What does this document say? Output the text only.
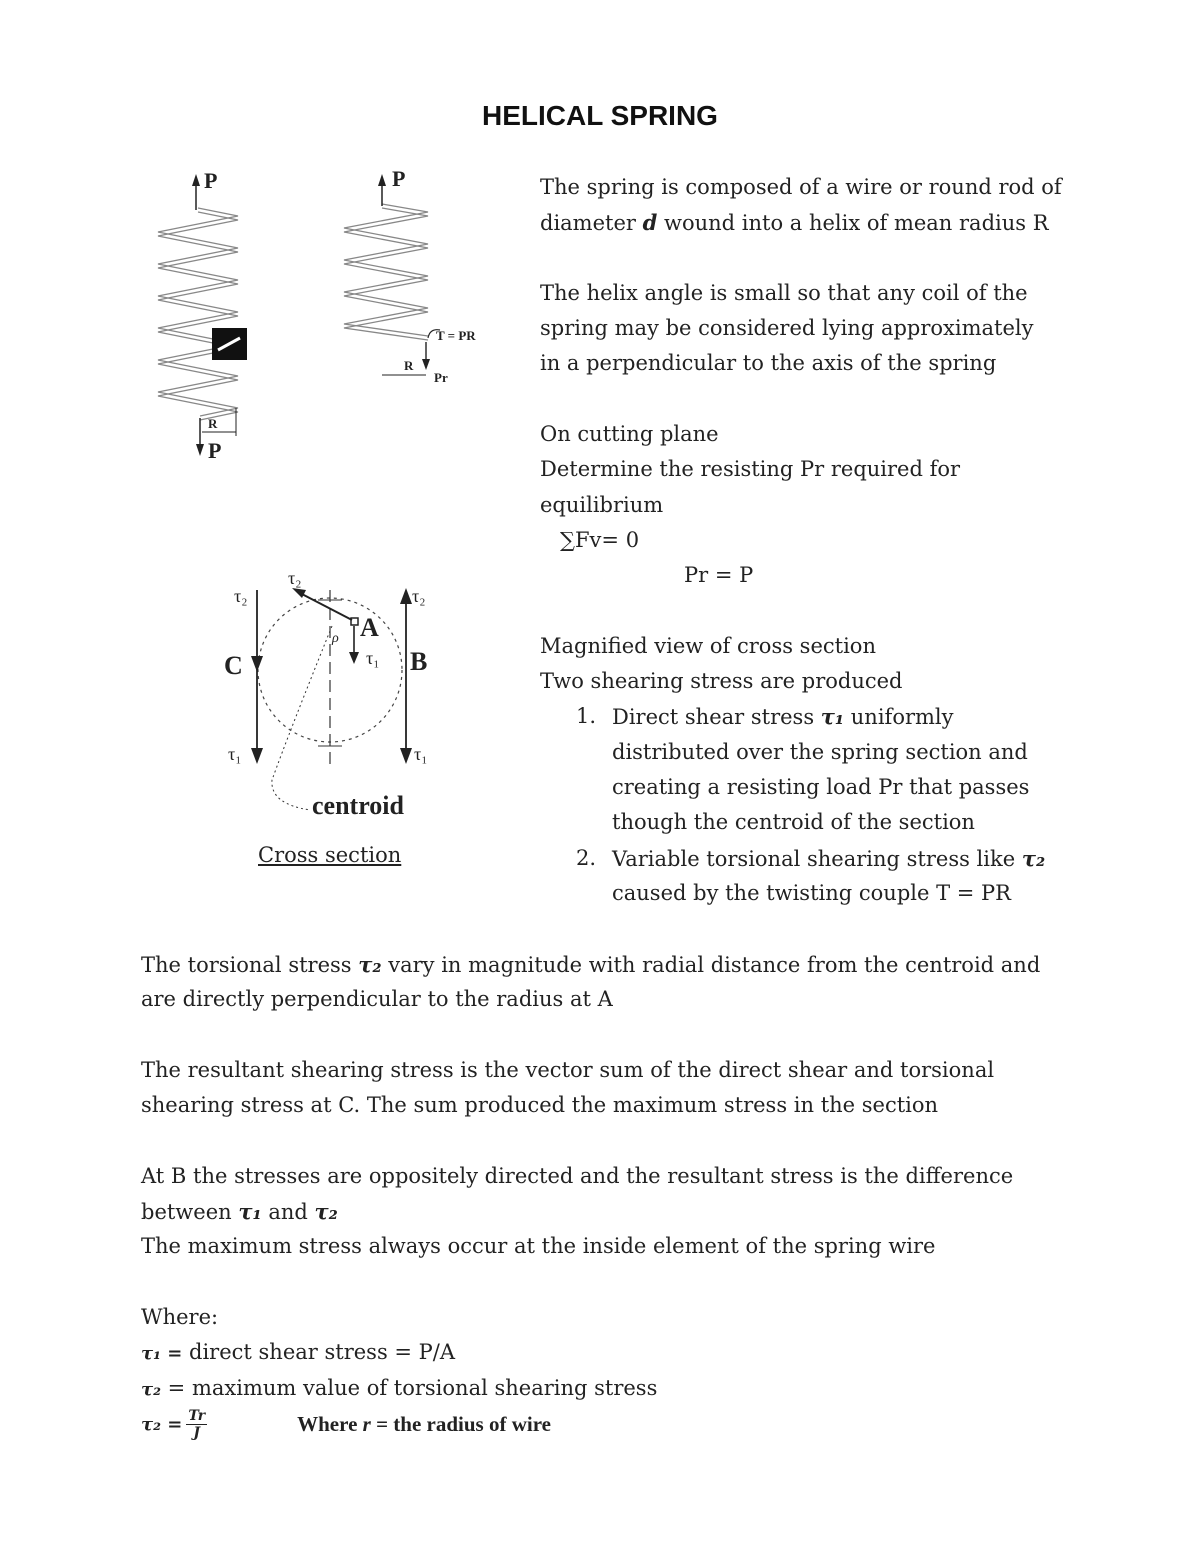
HELICAL SPRING
P
P
R
P
T = PR
R
Pr
τ₂
C
τ₁
τ₂
B
τ₁
τ₂
A
ρ
τ₁
centroid
Cross section
The spring is composed of a wire or round rod of
diameter d wound into a helix of mean radius R
The helix angle is small so that any coil of the
spring may be considered lying approximately
in a perpendicular to the axis of the spring
On cutting plane
Determine the resisting Pr required for
equilibrium
∑Fv= 0
Pr = P
Magnified view of cross section
Two shearing stress are produced
1. Direct shear stress τ₁ uniformly
distributed over the spring section and
creating a resisting load Pr that passes
though the centroid of the section
2. Variable torsional shearing stress like τ₂
caused by the twisting couple T = PR
The torsional stress τ₂ vary in magnitude with radial distance from the centroid and
are directly perpendicular to the radius at A
The resultant shearing stress is the vector sum of the direct shear and torsional
shearing stress at C. The sum produced the maximum stress in the section
At B the stresses are oppositely directed and the resultant stress is the difference
between τ₁ and τ₂
The maximum stress always occur at the inside element of the spring wire
Where:
τ₁ = direct shear stress = P/A
τ₂ = maximum value of torsional shearing stress
$\tau_2 = \frac{Tr}{J}$	Where r = the radius of wire
